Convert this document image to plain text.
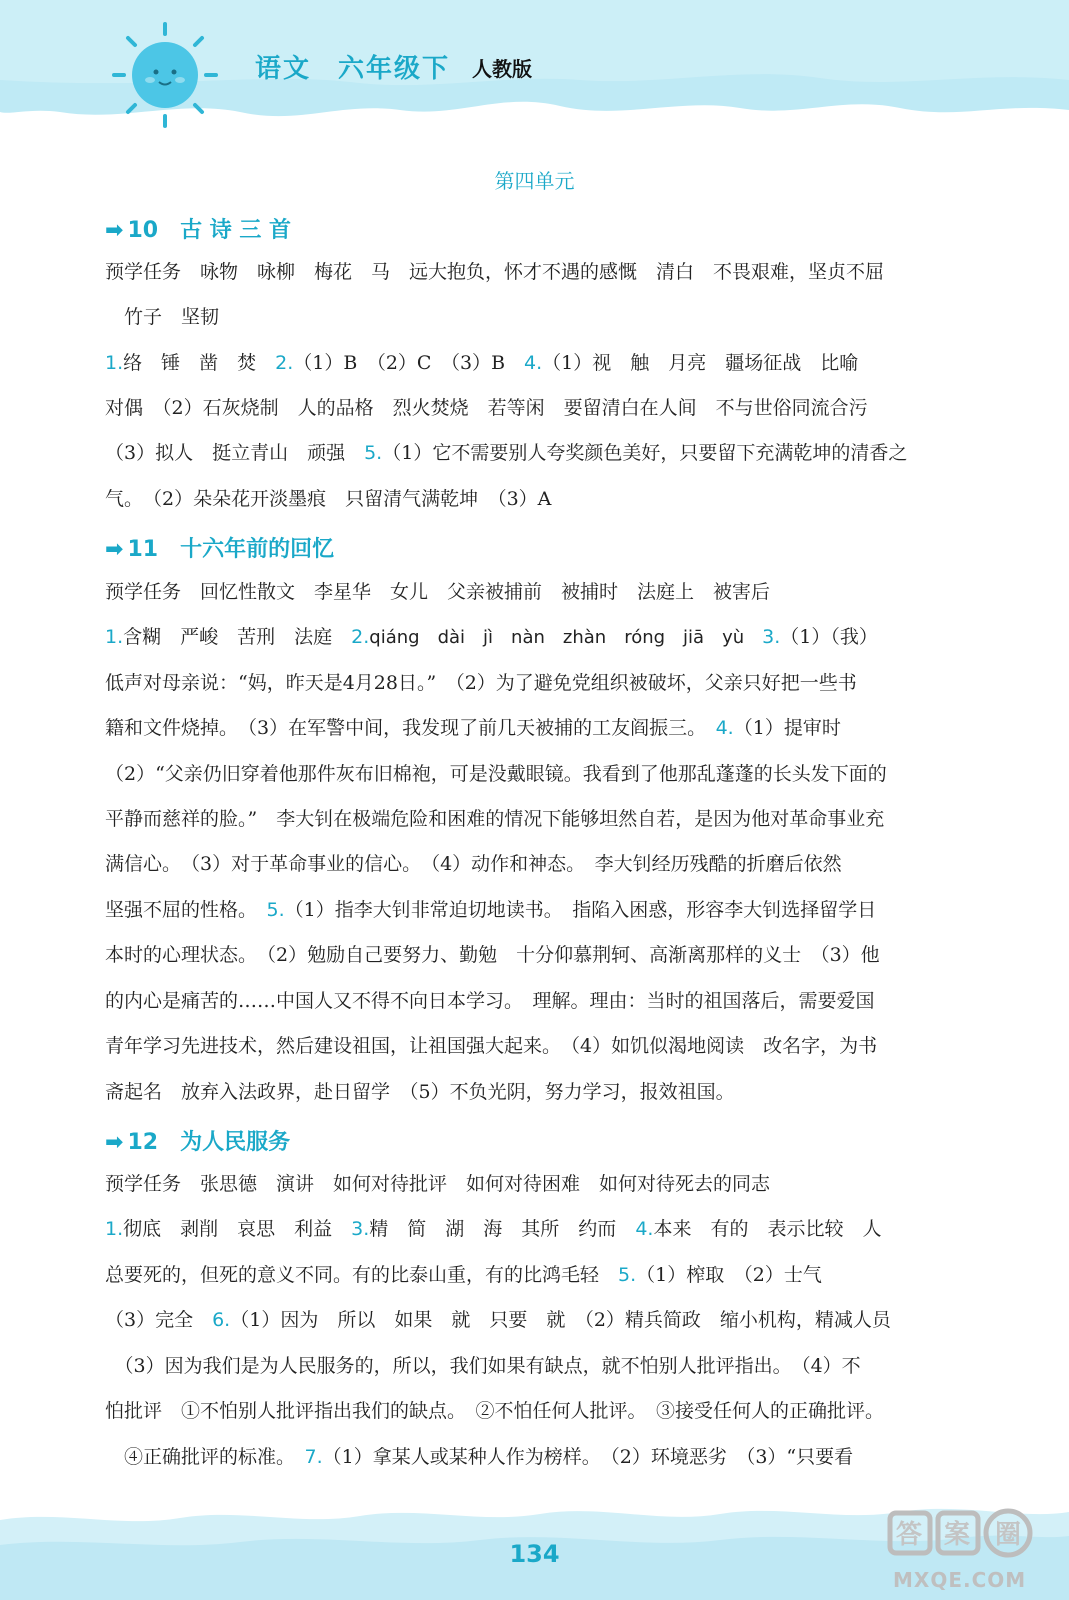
语文 六年级下 人教版
第四单元
➡ 10 古 诗 三 首
预学任务　咏物　咏柳　梅花　马　远大抱负，怀才不遇的感慨　清白　不畏艰难，坚贞不屈
　竹子　坚韧
1.络　锤　凿　焚　2.（1）B　（2）C　（3）B　4.（1）视　触　月亮　疆场征战　比喻
对偶　（2）石灰烧制　人的品格　烈火焚烧　若等闲　要留清白在人间　不与世俗同流合污
（3）拟人　挺立青山　顽强　5.（1）它不需要别人夸奖颜色美好，只要留下充满乾坤的清香之
气。　（2）朵朵花开淡墨痕　只留清气满乾坤　（3）A
➡ 11 十六年前的回忆
预学任务　回忆性散文　李星华　女儿　父亲被捕前　被捕时　法庭上　被害后
1.含糊　严峻　苦刑　法庭　2.qiáng　dài　jì　nàn　zhàn　róng　jiā　yù　3.（1）（我）
低声对母亲说：“妈，昨天是4月28日。”　（2）为了避免党组织被破坏，父亲只好把一些书
籍和文件烧掉。　（3）在军警中间，我发现了前几天被捕的工友阎振三。　4.（1）提审时
（2）“父亲仍旧穿着他那件灰布旧棉袍，可是没戴眼镜。我看到了他那乱蓬蓬的长头发下面的
平静而慈祥的脸。”　李大钊在极端危险和困难的情况下能够坦然自若，是因为他对革命事业充
满信心。　（3）对于革命事业的信心。　（4）动作和神态。　李大钊经历残酷的折磨后依然
坚强不屈的性格。　5.（1）指李大钊非常迫切地读书。　指陷入困惑，形容李大钊选择留学日
本时的心理状态。　（2）勉励自己要努力、勤勉　十分仰慕荆轲、高渐离那样的义士　（3）他
的内心是痛苦的……中国人又不得不向日本学习。　理解。理由：当时的祖国落后，需要爱国
青年学习先进技术，然后建设祖国，让祖国强大起来。　（4）如饥似渴地阅读　改名字，为书
斋起名　放弃入法政界，赴日留学　（5）不负光阴，努力学习，报效祖国。
➡ 12 为人民服务
预学任务　张思德　演讲　如何对待批评　如何对待困难　如何对待死去的同志
1.彻底　剥削　哀思　利益　3.精　简　湖　海　其所　约而　4.本来　有的　表示比较　人
总要死的，但死的意义不同。有的比泰山重，有的比鸿毛轻　5.（1）榨取　（2）士气
（3）完全　6.（1）因为　所以　如果　就　只要　就　（2）精兵简政　缩小机构，精减人员
　（3）因为我们是为人民服务的，所以，我们如果有缺点，就不怕别人批评指出。　（4）不
怕批评　①不怕别人批评指出我们的缺点。　②不怕任何人批评。　③接受任何人的正确批评。
　④正确批评的标准。　7.（1）拿某人或某种人作为榜样。　（2）环境恶劣　（3）“只要看
134
答 案 圈
MXQE.COM
